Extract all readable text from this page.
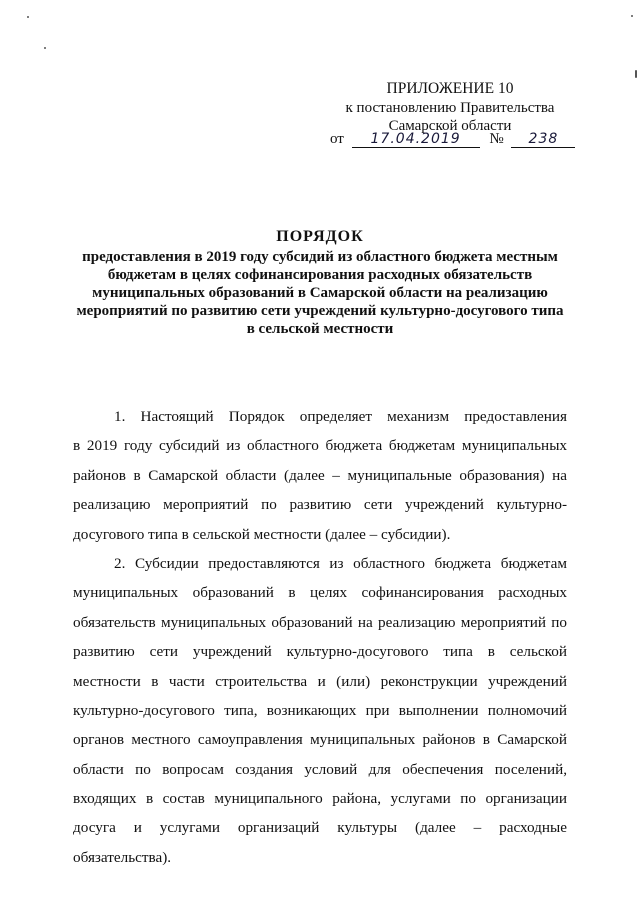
ПРИЛОЖЕНИЕ 10
к постановлению Правительства
Самарской области
от 17.04.2019 № 238
ПОРЯДОК
предоставления в 2019 году субсидий из областного бюджета местным
бюджетам в целях софинансирования расходных обязательств
муниципальных образований в Самарской области на реализацию
мероприятий по развитию сети учреждений культурно-досугового типа
в сельской местности
1. Настоящий Порядок определяет механизм предоставления
в 2019 году субсидий из областного бюджета бюджетам муниципальных
районов в Самарской области (далее – муниципальные образования) на
реализацию мероприятий по развитию сети учреждений культурно-
досугового типа в сельской местности (далее – субсидии).
2. Субсидии предоставляются из областного бюджета бюджетам
муниципальных образований в целях софинансирования расходных
обязательств муниципальных образований на реализацию мероприятий по
развитию сети учреждений культурно-досугового типа в сельской
местности в части строительства и (или) реконструкции учреждений
культурно-досугового типа, возникающих при выполнении полномочий
органов местного самоуправления муниципальных районов в Самарской
области по вопросам создания условий для обеспечения поселений,
входящих в состав муниципального района, услугами по организации
досуга и услугами организаций культуры (далее – расходные
обязательства).
